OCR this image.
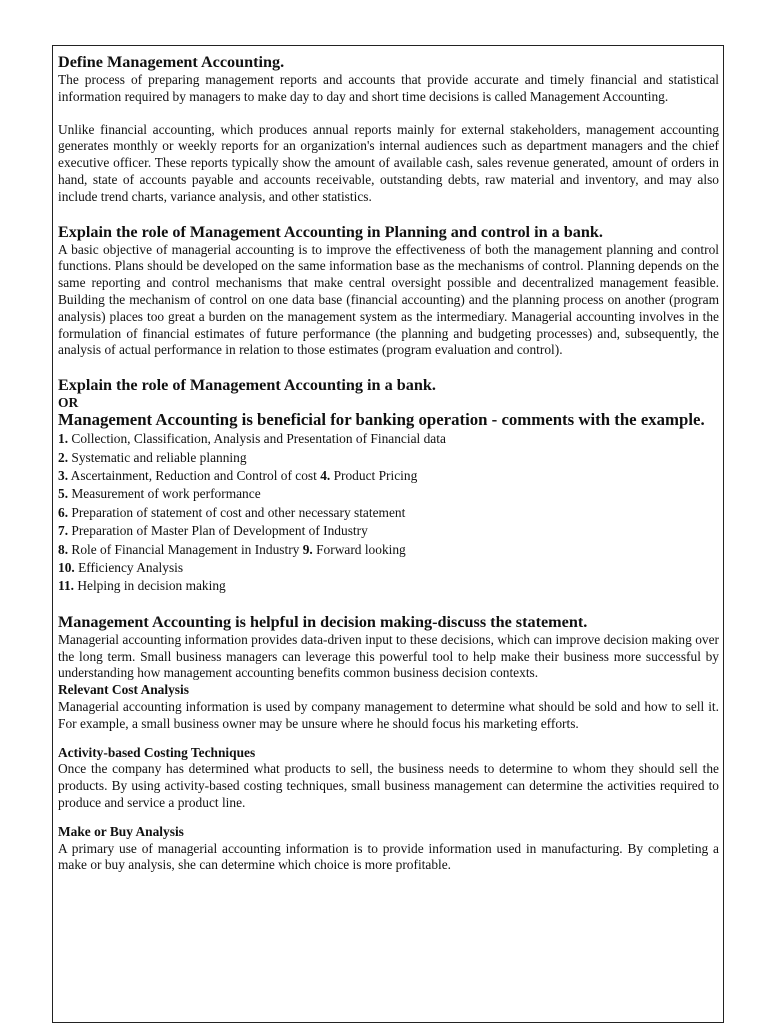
Define Management Accounting.

The process of preparing management reports and accounts that provide accurate and timely financial and statistical information required by managers to make day to day and short time decisions is called Management Accounting.

Unlike financial accounting, which produces annual reports mainly for external stakeholders, management accounting generates monthly or weekly reports for an organization's internal audiences such as department managers and the chief executive officer. These reports typically show the amount of available cash, sales revenue generated, amount of orders in hand, state of accounts payable and accounts receivable, outstanding debts, raw material and inventory, and may also include trend charts, variance analysis, and other statistics.

Explain the role of Management Accounting in Planning and control in a bank.

A basic objective of managerial accounting is to improve the effectiveness of both the management planning and control functions. Plans should be developed on the same information base as the mechanisms of control. Planning depends on the same reporting and control mechanisms that make central oversight possible and decentralized management feasible. Building the mechanism of control on one data base (financial accounting) and the planning process on another (program analysis) places too great a burden on the management system as the intermediary. Managerial accounting involves in the formulation of financial estimates of future performance (the planning and budgeting processes) and, subsequently, the analysis of actual performance in relation to those estimates (program evaluation and control).

Explain the role of Management Accounting in a bank.
OR
Management Accounting is beneficial for banking operation - comments with the example.
1. Collection, Classification, Analysis and Presentation of Financial data
2. Systematic and reliable planning
3. Ascertainment, Reduction and Control of cost 4. Product Pricing
5. Measurement of work performance
6. Preparation of statement of cost and other necessary statement
7. Preparation of Master Plan of Development of Industry
8. Role of Financial Management in Industry 9. Forward looking
10. Efficiency Analysis
11. Helping in decision making
Management Accounting is helpful in decision making-discuss the statement.

Managerial accounting information provides data-driven input to these decisions, which can improve decision making over the long term. Small business managers can leverage this powerful tool to help make their business more successful by understanding how management accounting benefits common business decision contexts.

Relevant Cost Analysis

Managerial accounting information is used by company management to determine what should be sold and how to sell it. For example, a small business owner may be unsure where he should focus his marketing efforts.

Activity-based Costing Techniques

Once the company has determined what products to sell, the business needs to determine to whom they should sell the products. By using activity-based costing techniques, small business management can determine the activities required to produce and service a product line.

Make or Buy Analysis

A primary use of managerial accounting information is to provide information used in manufacturing. By completing a make or buy analysis, she can determine which choice is more profitable.
